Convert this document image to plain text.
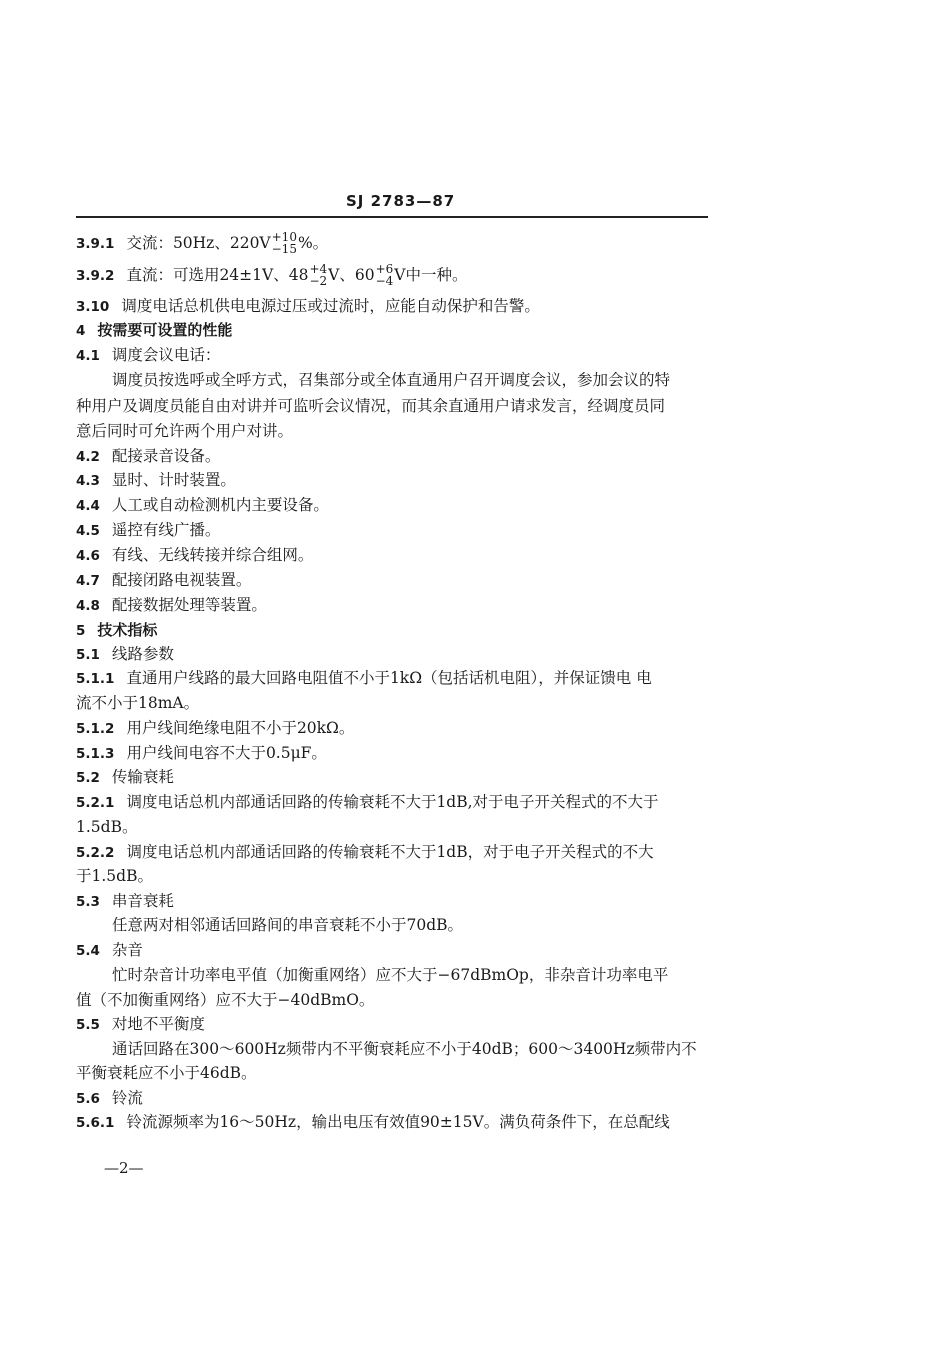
SJ 2783—87
3.9.1 交流：50Hz、220V +10
−15 %。
3.9.2 直流：可选用24±1V、48 +4
−2 V、60 +6
−4 V中一种。
3.10 调度电话总机供电电源过压或过流时，应能自动保护和告警。
4 按需要可设置的性能
4.1 调度会议电话：
调度员按选呼或全呼方式，召集部分或全体直通用户召开调度会议，参加会议的特
种用户及调度员能自由对讲并可监听会议情况，而其余直通用户请求发言，经调度员同
意后同时可允许两个用户对讲。
4.2 配接录音设备。
4.3 显时、计时装置。
4.4 人工或自动检测机内主要设备。
4.5 遥控有线广播。
4.6 有线、无线转接并综合组网。
4.7 配接闭路电视装置。
4.8 配接数据处理等装置。
5 技术指标
5.1 线路参数
5.1.1 直通用户线路的最大回路电阻值不小于1kΩ（包括话机电阻），并保证馈电 电
流不小于18mA。
5.1.2 用户线间绝缘电阻不小于20kΩ。
5.1.3 用户线间电容不大于0.5μF。
5.2 传输衰耗
5.2.1 调度电话总机内部通话回路的传输衰耗不大于1dB,对于电子开关程式的不大于
1.5dB。
5.2.2 调度电话总机内部通话回路的传输衰耗不大于1dB，对于电子开关程式的不大
于1.5dB。
5.3 串音衰耗
任意两对相邻通话回路间的串音衰耗不小于70dB。
5.4 杂音
忙时杂音计功率电平值（加衡重网络）应不大于−67dBmOp，非杂音计功率电平
值（不加衡重网络）应不大于−40dBmO。
5.5 对地不平衡度
通话回路在300～600Hz频带内不平衡衰耗应不小于40dB；600～3400Hz频带内不
平衡衰耗应不小于46dB。
5.6 铃流
5.6.1 铃流源频率为16～50Hz，输出电压有效值90±15V。满负荷条件下，在总配线
—2—
